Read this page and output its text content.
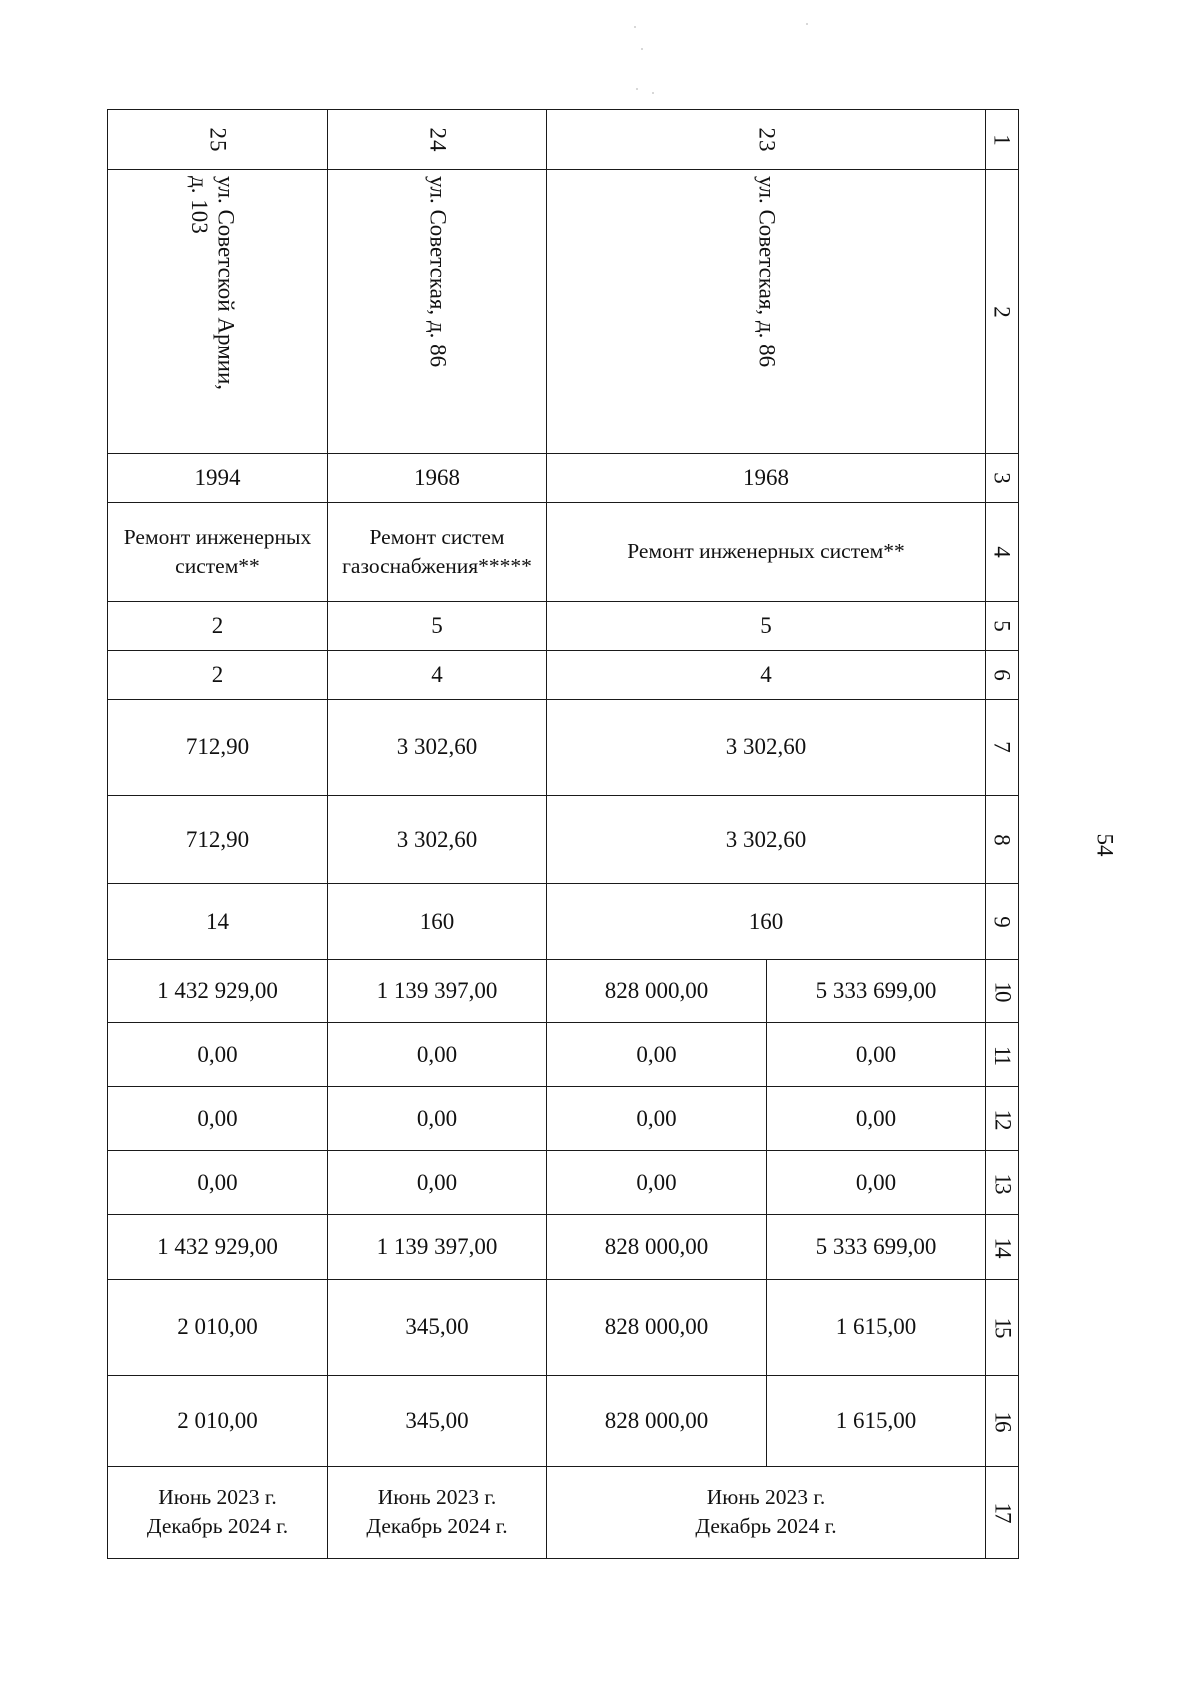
54
25	24	23		1

ул. Советской Армии,
д. 103	ул. Советская, д. 86	ул. Советская, д. 86		2
1994	1968	1968		3
Ремонт инженерных
систем**	Ремонт систем
газоснабжения*****	Ремонт инженерных систем**		4
2	5	5		5
2	4	4		6
712,90	3 302,60	3 302,60		7
712,90	3 302,60	3 302,60		8
14	160	160		9
1 432 929,00	1 139 397,00	828 000,00	5 333 699,00	10
0,00	0,00	0,00	0,00	11
0,00	0,00	0,00	0,00	12
0,00	0,00	0,00	0,00	13
1 432 929,00	1 139 397,00	828 000,00	5 333 699,00	14
2 010,00	345,00	828 000,00	1 615,00	15
2 010,00	345,00	828 000,00	1 615,00	16
Июнь 2023 г.
Декабрь 2024 г.	Июнь 2023 г.
Декабрь 2024 г.	Июнь 2023 г.
Декабрь 2024 г.		17
